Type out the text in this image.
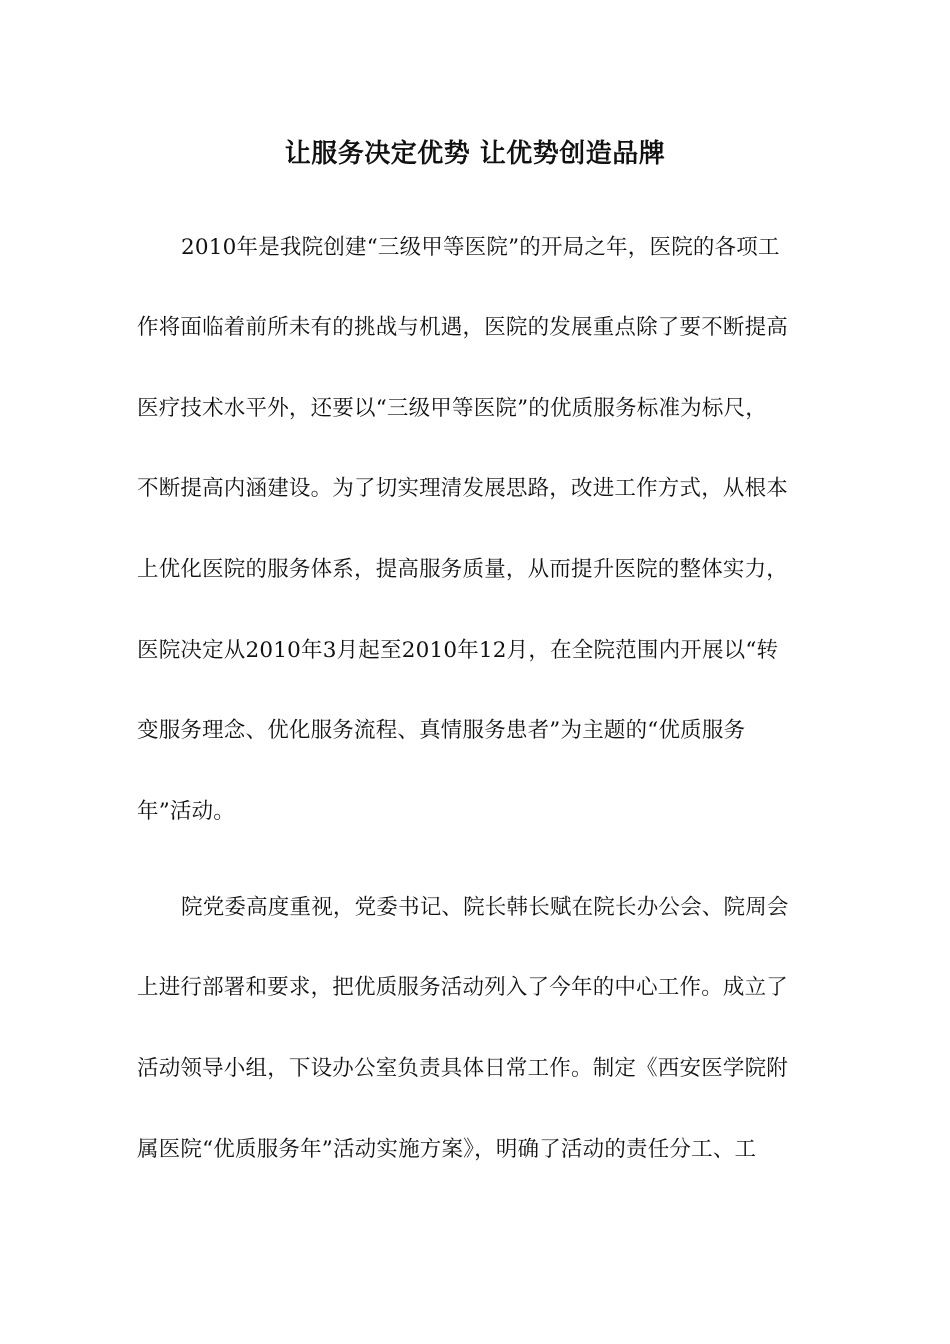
让服务决定优势 让优势创造品牌
2010年是我院创建“三级甲等医院”的开局之年，医院的各项工
作将面临着前所未有的挑战与机遇，医院的发展重点除了要不断提高
医疗技术水平外，还要以“三级甲等医院”的优质服务标准为标尺，
不断提高内涵建设。为了切实理清发展思路，改进工作方式，从根本
上优化医院的服务体系，提高服务质量，从而提升医院的整体实力，
医院决定从2010年3月起至2010年12月，在全院范围内开展以“转
变服务理念、优化服务流程、真情服务患者”为主题的“优质服务
年”活动。
院党委高度重视，党委书记、院长韩长赋在院长办公会、院周会
上进行部署和要求，把优质服务活动列入了今年的中心工作。成立了
活动领导小组，下设办公室负责具体日常工作。制定《西安医学院附
属医院“优质服务年”活动实施方案》，明确了活动的责任分工、工
